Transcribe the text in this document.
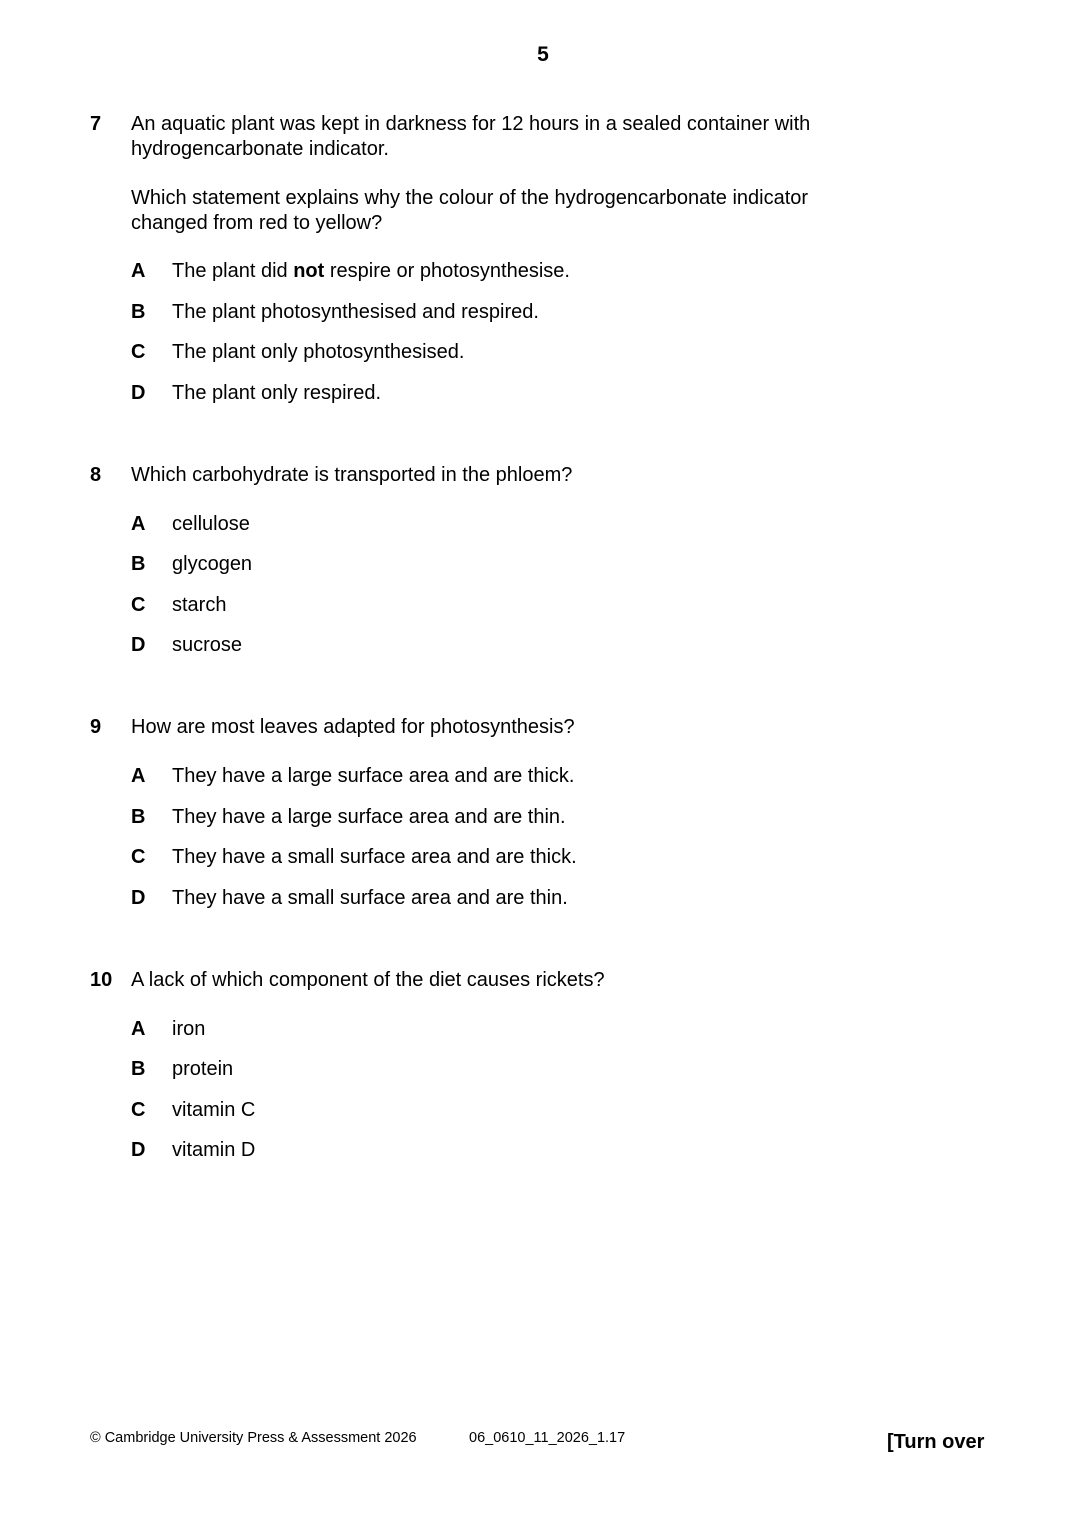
5
7 An aquatic plant was kept in darkness for 12 hours in a sealed container with

hydrogencarbonate indicator.

Which statement explains why the colour of the hydrogencarbonate indicator

changed from red to yellow?

A The plant did not respire or photosynthesise.
B The plant photosynthesised and respired.
C The plant only photosynthesised.
D The plant only respired.
8 Which carbohydrate is transported in the phloem?
A cellulose
B glycogen
C starch
D sucrose
9 How are most leaves adapted for photosynthesis?
A They have a large surface area and are thick.
B They have a large surface area and are thin.
C They have a small surface area and are thick.
D They have a small surface area and are thin.
10 A lack of which component of the diet causes rickets?
A iron
B protein
C vitamin C
D vitamin D
© Cambridge University Press & Assessment 2026	06_0610_11_2026_1.17	[Turn over
